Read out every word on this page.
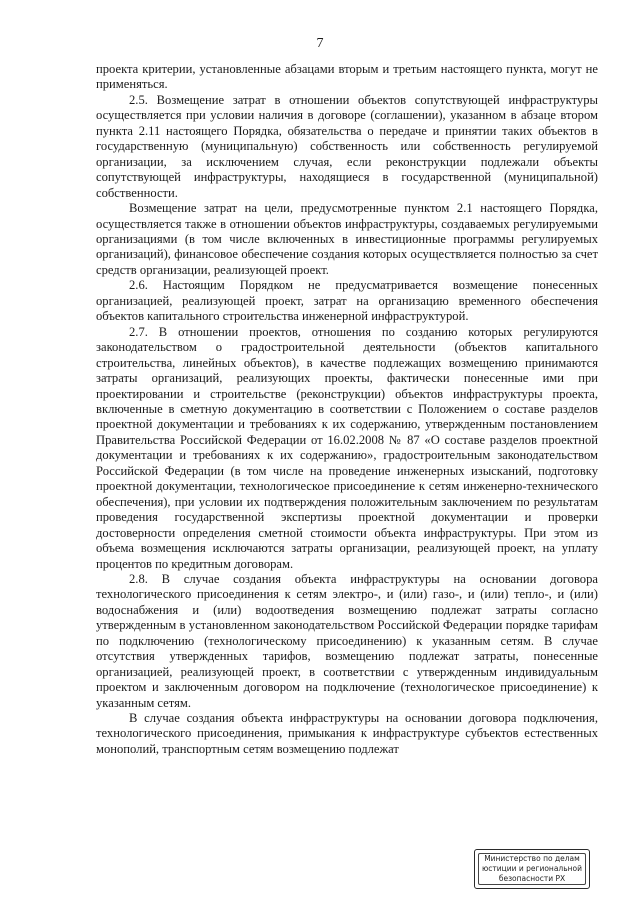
7

проекта критерии, установленные абзацами вторым и третьим настоящего пункта, могут не применяться.

2.5. Возмещение затрат в отношении объектов сопутствующей инфраструктуры осуществляется при условии наличия в договоре (соглашении), указанном в абзаце втором пункта 2.11 настоящего Порядка, обязательства о передаче и принятии таких объектов в государственную (муниципальную) собственность или собственность регулируемой организации, за исключением случая, если реконструкции подлежали объекты сопутствующей инфраструктуры, находящиеся в государственной (муниципальной) собственности.

Возмещение затрат на цели, предусмотренные пунктом 2.1 настоящего Порядка, осуществляется также в отношении объектов инфраструктуры, создаваемых регулируемыми организациями (в том числе включенных в инвестиционные программы регулируемых организаций), финансовое обеспечение создания которых осуществляется полностью за счет средств организации, реализующей проект.

2.6. Настоящим Порядком не предусматривается возмещение понесенных организацией, реализующей проект, затрат на организацию временного обеспечения объектов капитального строительства инженерной инфраструктурой.

2.7. В отношении проектов, отношения по созданию которых регулируются законодательством о градостроительной деятельности (объектов капитального строительства, линейных объектов), в качестве подлежащих возмещению принимаются затраты организаций, реализующих проекты, фактически понесенные ими при проектировании и строительстве (реконструкции) объектов инфраструктуры проекта, включенные в сметную документацию в соответствии с Положением о составе разделов проектной документации и требованиях к их содержанию, утвержденным постановлением Правительства Российской Федерации от 16.02.2008 № 87 «О составе разделов проектной документации и требованиях к их содержанию», градостроительным законодательством Российской Федерации (в том числе на проведение инженерных изысканий, подготовку проектной документации, технологическое присоединение к сетям инженерно-технического обеспечения), при условии их подтверждения положительным заключением по результатам проведения государственной экспертизы проектной документации и проверки достоверности определения сметной стоимости объекта инфраструктуры. При этом из объема возмещения исключаются затраты организации, реализующей проект, на уплату процентов по кредитным договорам.

2.8. В случае создания объекта инфраструктуры на основании договора технологического присоединения к сетям электро-, и (или) газо-, и (или) тепло-, и (или) водоснабжения и (или) водоотведения возмещению подлежат затраты согласно утвержденным в установленном законодательством Российской Федерации порядке тарифам по подключению (технологическому присоединению) к указанным сетям. В случае отсутствия утвержденных тарифов, возмещению подлежат затраты, понесенные организацией, реализующей проект, в соответствии с утвержденным индивидуальным проектом и заключенным договором на подключение (технологическое присоединение) к указанным сетям.

В случае создания объекта инфраструктуры на основании договора подключения, технологического присоединения, примыкания к инфраструктуре субъектов естественных монополий, транспортным сетям возмещению подлежат

Министерство по делам
юстиции и региональной
безопасности РХ
